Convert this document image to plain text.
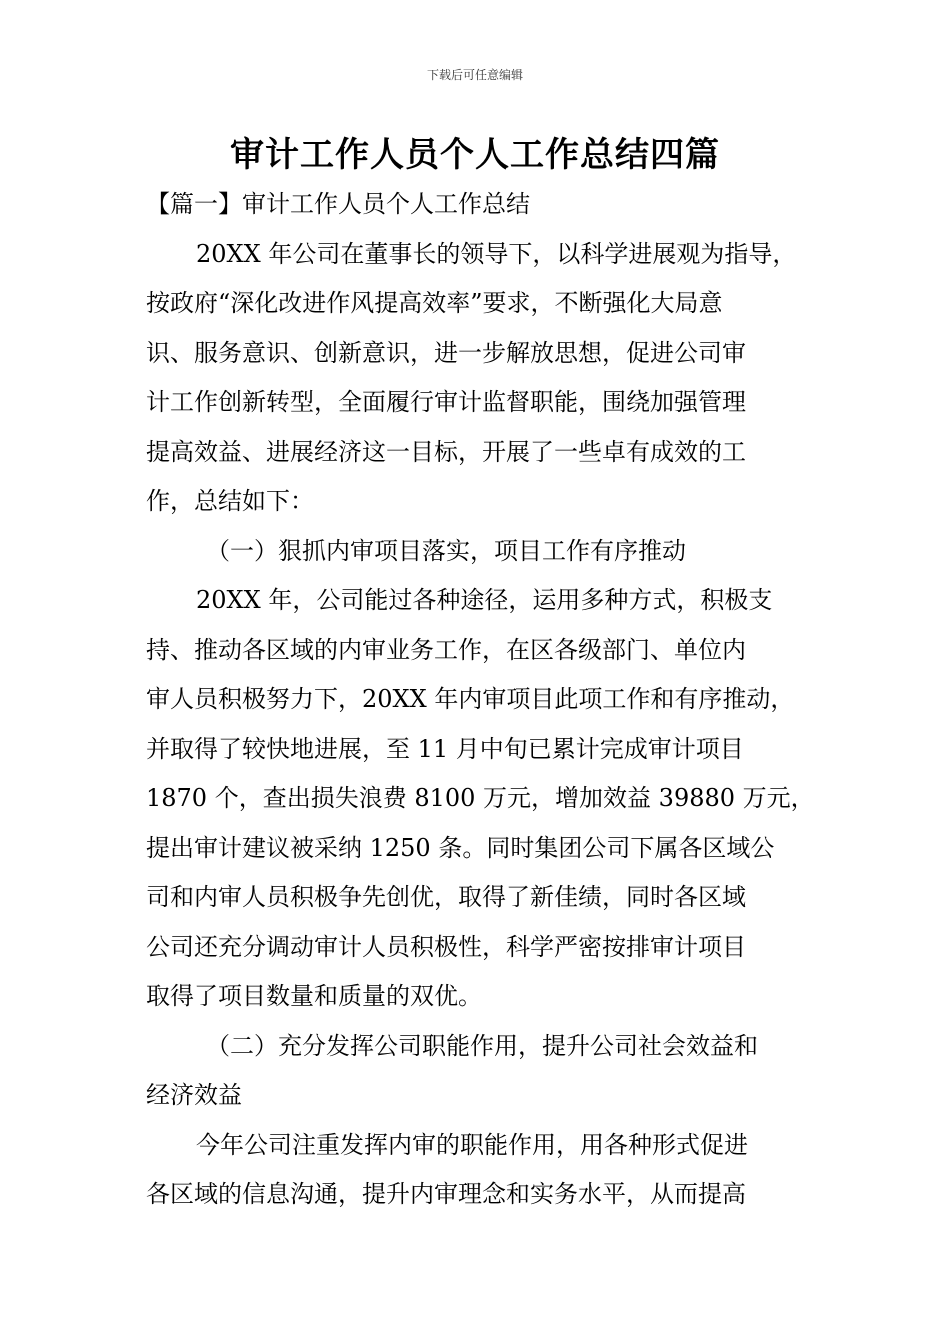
下载后可任意编辑
审计工作人员个人工作总结四篇
【篇一】审计工作人员个人工作总结
20XX 年公司在董事长的领导下，以科学进展观为指导，
按政府“深化改进作风提高效率”要求，不断强化大局意
识、服务意识、创新意识，进一步解放思想，促进公司审
计工作创新转型，全面履行审计监督职能，围绕加强管理
提高效益、进展经济这一目标，开展了一些卓有成效的工
作，总结如下：
（一）狠抓内审项目落实，项目工作有序推动
20XX 年，公司能过各种途径，运用多种方式，积极支
持、推动各区域的内审业务工作，在区各级部门、单位内
审人员积极努力下，20XX 年内审项目此项工作和有序推动，
并取得了较快地进展，至 11 月中旬已累计完成审计项目
1870 个，查出损失浪费 8100 万元，增加效益 39880 万元，
提出审计建议被采纳 1250 条。同时集团公司下属各区域公
司和内审人员积极争先创优，取得了新佳绩，同时各区域
公司还充分调动审计人员积极性，科学严密按排审计项目
取得了项目数量和质量的双优。
（二）充分发挥公司职能作用，提升公司社会效益和
经济效益
今年公司注重发挥内审的职能作用，用各种形式促进
各区域的信息沟通，提升内审理念和实务水平，从而提高
